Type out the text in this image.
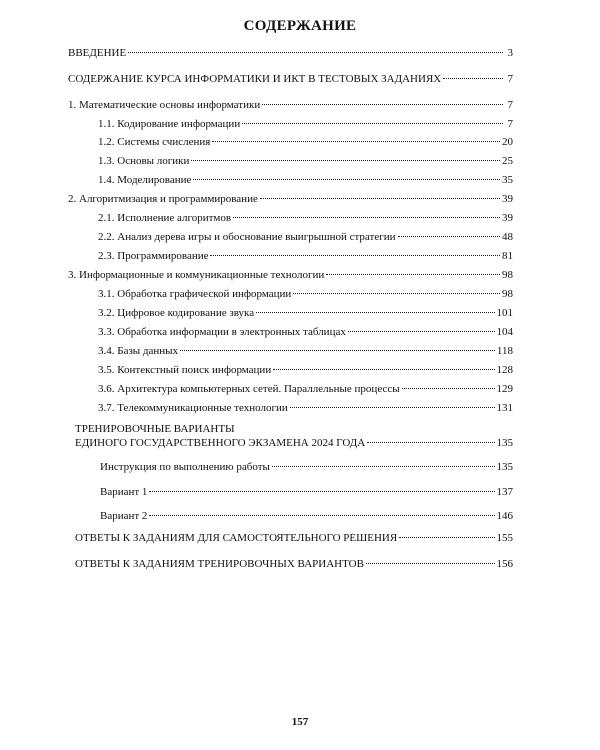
СОДЕРЖАНИЕ
ВВЕДЕНИЕ	3
СОДЕРЖАНИЕ КУРСА ИНФОРМАТИКИ И ИКТ В ТЕСТОВЫХ ЗАДАНИЯХ	7
1. Математические основы информатики	7
1.1. Кодирование информации	7
1.2. Системы счисления	20
1.3. Основы логики	25
1.4. Моделирование	35
2. Алгоритмизация и программирование	39
2.1. Исполнение алгоритмов	39
2.2. Анализ дерева игры и обоснование выигрышной стратегии	48
2.3. Программирование	81
3. Информационные и коммуникационные технологии	98
3.1. Обработка графической информации	98
3.2. Цифровое кодирование звука	101
3.3. Обработка информации в электронных таблицах	104
3.4. Базы данных	118
3.5. Контекстный поиск информации	128
3.6. Архитектура компьютерных сетей. Параллельные процессы	129
3.7. Телекоммуникационные технологии	131
ТРЕНИРОВОЧНЫЕ ВАРИАНТЫ
ЕДИНОГО ГОСУДАРСТВЕННОГО ЭКЗАМЕНА 2024 ГОДА	135
Инструкция по выполнению работы	135
Вариант 1	137
Вариант 2	146
ОТВЕТЫ К ЗАДАНИЯМ ДЛЯ САМОСТОЯТЕЛЬНОГО РЕШЕНИЯ	155
ОТВЕТЫ К ЗАДАНИЯМ ТРЕНИРОВОЧНЫХ ВАРИАНТОВ	156
157
